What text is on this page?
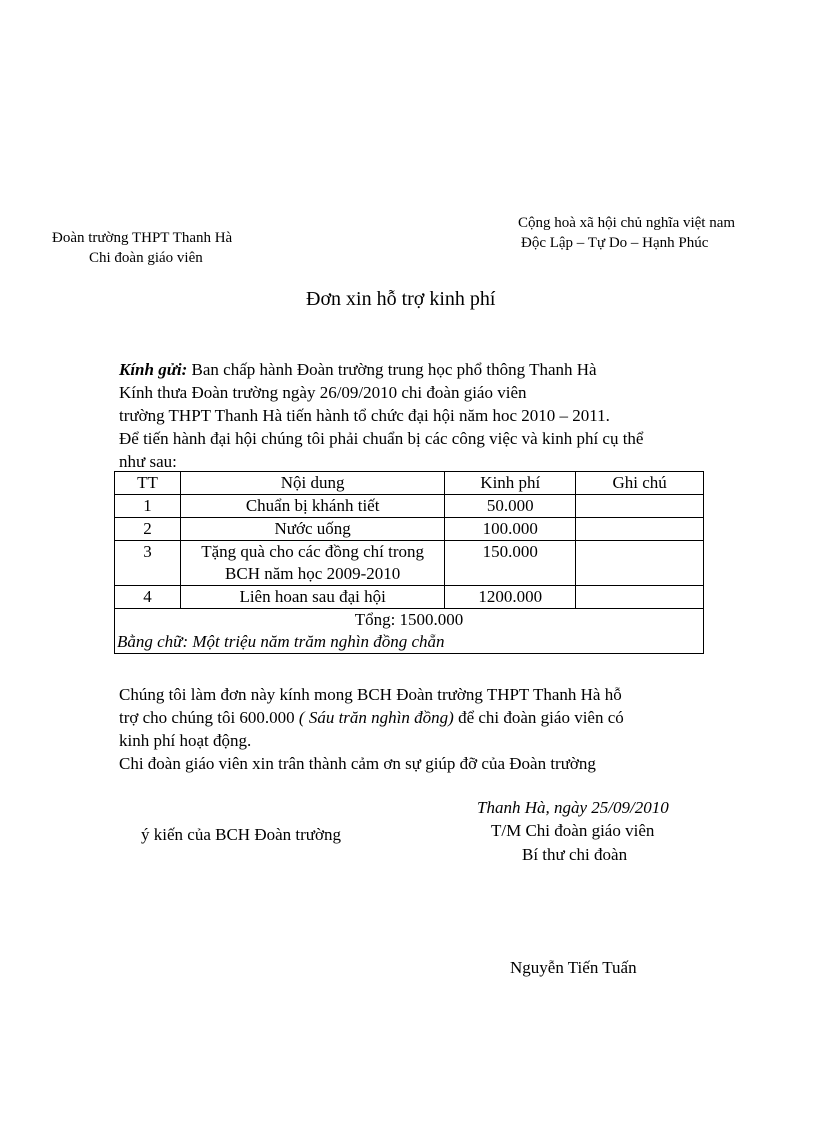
Đoàn trường THPT Thanh Hà
Chi đoàn giáo viên
Cộng hoà xã hội chủ nghĩa việt nam
Độc Lập – Tự Do – Hạnh Phúc
Đơn xin hỗ trợ kinh phí
Kính gửi: Ban chấp hành Đoàn trường trung học phổ thông Thanh Hà
Kính thưa Đoàn trường ngày 26/09/2010 chi đoàn giáo viên
trường THPT Thanh Hà tiến hành tổ chức đại hội năm hoc 2010 – 2011.
Để tiến hành đại hội chúng tôi phải chuẩn bị các công việc và kinh phí cụ thể
như sau:
TT	Nội dung	Kinh phí	Ghi chú
1	Chuẩn bị khánh tiết	50.000	
2	Nước uống	100.000	
3	Tặng quà cho các đồng chí trong
BCH năm học 2009-2010	150.000	
4	Liên hoan sau đại hội	1200.000	

Tổng: 1500.000
Bằng chữ: Một triệu năm trăm nghìn đồng chẵn			
Chúng tôi làm đơn này kính mong BCH Đoàn trường THPT Thanh Hà hỗ
trợ cho chúng tôi 600.000 ( Sáu trăn nghìn đồng) để chi đoàn giáo viên có
kinh phí hoạt động.
Chi đoàn giáo viên xin trân thành cảm ơn sự giúp đỡ của Đoàn trường
Thanh Hà, ngày 25/09/2010
ý kiến của BCH Đoàn trường	T/M Chi đoàn giáo viên
Bí thư chi đoàn
Nguyễn Tiến Tuấn
